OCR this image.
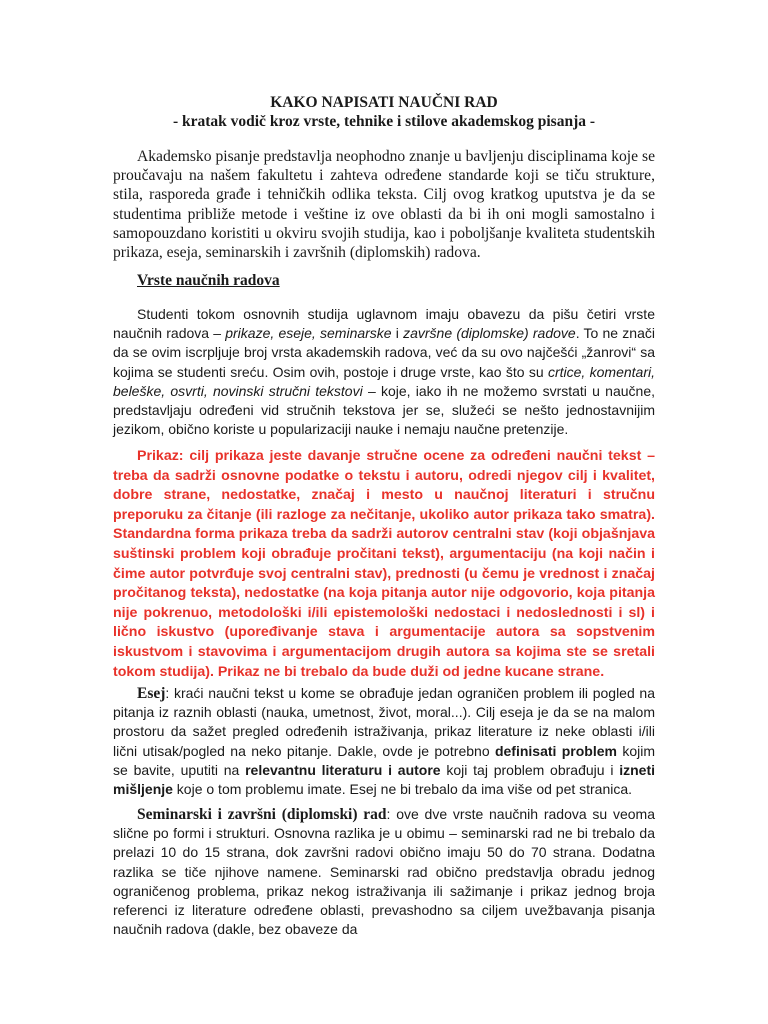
KAKO NAPISATI NAUČNI RAD
- kratak vodič kroz vrste, tehnike i stilove akademskog pisanja -

Akademsko pisanje predstavlja neophodno znanje u bavljenju disciplinama koje se proučavaju na našem fakultetu i zahteva određene standarde koji se tiču strukture, stila, rasporeda građe i tehničkih odlika teksta. Cilj ovog kratkog uputstva je da se studentima približe metode i veštine iz ove oblasti da bi ih oni mogli samostalno i samopouzdano koristiti u okviru svojih studija, kao i poboljšanje kvaliteta studentskih prikaza, eseja, seminarskih i završnih (diplomskih) radova.

Vrste naučnih radova

Studenti tokom osnovnih studija uglavnom imaju obavezu da pišu četiri vrste naučnih radova – prikaze, eseje, seminarske i završne (diplomske) radove. To ne znači da se ovim iscrpljuje broj vrsta akademskih radova, već da su ovo najčešći „žanrovi“ sa kojima se studenti sreću. Osim ovih, postoje i druge vrste, kao što su crtice, komentari, beleške, osvrti, novinski stručni tekstovi – koje, iako ih ne možemo svrstati u naučne, predstavljaju određeni vid stručnih tekstova jer se, služeći se nešto jednostavnijim jezikom, obično koriste u popularizaciji nauke i nemaju naučne pretenzije.

Prikaz: cilj prikaza jeste davanje stručne ocene za određeni naučni tekst – treba da sadrži osnovne podatke o tekstu i autoru, odredi njegov cilj i kvalitet, dobre strane, nedostatke, značaj i mesto u naučnoj literaturi i stručnu preporuku za čitanje (ili razloge za nečitanje, ukoliko autor prikaza tako smatra). Standardna forma prikaza treba da sadrži autorov centralni stav (koji objašnjava suštinski problem koji obrađuje pročitani tekst), argumentaciju (na koji način i čime autor potvrđuje svoj centralni stav), prednosti (u čemu je vrednost i značaj pročitanog teksta), nedostatke (na koja pitanja autor nije odgovorio, koja pitanja nije pokrenuo, metodološki i/ili epistemološki nedostaci i nedoslednosti i sl) i lično iskustvo (upoređivanje stava i argumentacije autora sa sopstvenim iskustvom i stavovima i argumentacijom drugih autora sa kojima ste se sretali tokom studija). Prikaz ne bi trebalo da bude duži od jedne kucane strane.

Esej: kraći naučni tekst u kome se obrađuje jedan ograničen problem ili pogled na pitanja iz raznih oblasti (nauka, umetnost, život, moral...). Cilj eseja je da se na malom prostoru da sažet pregled određenih istraživanja, prikaz literature iz neke oblasti i/ili lični utisak/pogled na neko pitanje. Dakle, ovde je potrebno definisati problem kojim se bavite, uputiti na relevantnu literaturu i autore koji taj problem obrađuju i izneti mišljenje koje o tom problemu imate. Esej ne bi trebalo da ima više od pet stranica.

Seminarski i završni (diplomski) rad: ove dve vrste naučnih radova su veoma slične po formi i strukturi. Osnovna razlika je u obimu – seminarski rad ne bi trebalo da prelazi 10 do 15 strana, dok završni radovi obično imaju 50 do 70 strana. Dodatna razlika se tiče njihove namene. Seminarski rad obično predstavlja obradu jednog ograničenog problema, prikaz nekog istraživanja ili sažimanje i prikaz jednog broja referenci iz literature određene oblasti, prevashodno sa ciljem uvežbavanja pisanja naučnih radova (dakle, bez obaveze da
